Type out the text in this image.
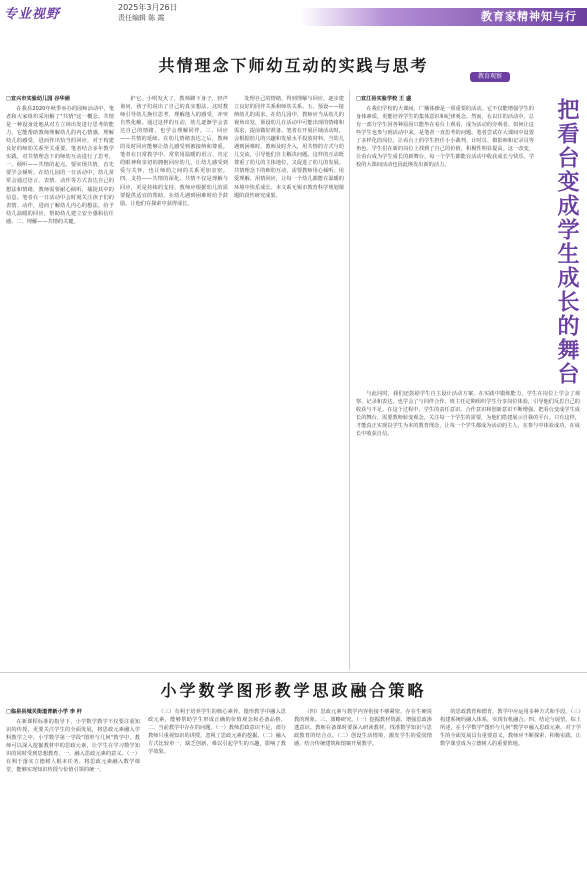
专业视野	2025年3月26日
责任编辑 陈 霞	教育家精神知与行
共情理念下师幼互动的实践与思考
教育观察
□宜兴市实验幼儿园 谷华娟

在我县2020年秋季举办的园师活动中，笔者和大家组织采用解了"共情"这一概念。共情是一种设身处地从对方立场出发进行思考的能力，它能帮助教师理解幼儿的内心情感，理解幼儿的感受，进而作出恰当的回应，对于构建良好的师幼关系至关重要。笔者结合多年教学实践，对共情理念下的师幼互动进行了思考。一、倾听——共情的起点。要实现共情，首先要学会倾听。在幼儿园的一日活动中，幼儿常常会通过语言、表情、动作等方式表达自己的想法和情绪，教师需要耐心倾听，捕捉其中的信息。笔者在一日活动中会时刻关注孩子们的表情、动作，进而了解幼儿内心的想法，给予幼儿温暖的回应，帮助幼儿建立安全感和信任感。二、理解——共情的关键。

护它，小明发火了，教师蹲下身子，轻声询问，孩子们说出了自己的真实想法。这时教师引导幼儿换位思考，理解他人的感受，冲突自然化解。通过这样的互动，幼儿逐渐学会表达自己的情绪，也学会理解同伴。三、回应——共情的延续。在幼儿情绪表达之后，教师的及时回应能够让幼儿感受到被接纳和尊重。笔者在日常教学中，常常用温暖的语言、肯定的眼神和亲切的拥抱回应幼儿，让幼儿感受到爱与关怀，也让师幼之间的关系更加亲密。四、支持——共情的深化。共情不仅是理解与回应，更是持续的支持。教师应根据幼儿的需要提供适宜的帮助，在幼儿遇到困难时给予鼓励，让他们在探索中获得成长。

处理自己的情绪，得到理解与回应，逐步建立良好的同伴关系和师幼关系。五、预设——接纳幼儿的需求。在幼儿园中，教师应当从幼儿的视角出发，预设幼儿在活动中可能出现的情绪和需求，提前做好准备。笔者在开展区域活动时，会根据幼儿的兴趣和发展水平投放材料，当幼儿遇到困难时，教师及时介入，用共情的方式与幼儿交流，引导他们自主解决问题。这样的互动既尊重了幼儿的主体地位，又促进了幼儿的发展。共情理念下的师幼互动，需要教师用心倾听、用爱理解、用情回应，让每一个幼儿都能在温暖的环境中快乐成长。本文系无锡市教育科学规划课题阶段性研究成果。

□宜江县实验学校 王 盛

在我们学校的大课间，广播体操是一项重要的活动。它不仅能增强学生的身体素质，更能培养学生的集体意识和纪律观念。然而，在以往的活动中，总有一部分学生因各种原因只能坐在看台上观看，成为活动的旁观者。如何让这些学生也参与到活动中来，是笔者一直思考的问题。笔者尝试在大课间中设置了多样化的岗位，让看台上的学生担任小小裁判、计时员、摄影师和记录员等角色。学生们在新的岗位上找到了自己的价值，积极性明显提高。这一改变，让看台成为学生成长的新舞台，每一个学生都能在活动中收获成长与快乐，学校的大课间活动也因此焕发出新的活力。	把看台变成学生成长的舞台

与此同时，我们还鼓励学生自主设计活动方案，在实践中锻炼能力。学生在岗位上学会了观察、记录和表达，也学会了与同伴合作。班主任定期组织学生分享岗位体验，引导他们反思自己的收获与不足。在这个过程中，学生的责任意识、合作意识和创新意识不断增强。把看台变成学生成长的舞台，需要教师转变观念，关注每一个学生的需要，为他们搭建展示自我的平台。只有这样，才能真正实现以学生为本的教育理念，让每一个学生都成为活动的主人，在参与中体验成功，在成长中收获自信。

小学数学图形教学思政融合策略
□临泉县城关街道青新小学 李 杆

在新课程标准的指导下，小学数学教学不仅要注重知识的传授，更要关注学生的全面发展，将思政元素融入学科教学之中。小学数学第一学段"图形与几何"教学中，教师可以深入挖掘教材中的思政元素，让学生在学习数学知识的同时受到思想教育。一、融入思政元素的意义。（一）有利于落实立德树人根本任务。将思政元素融入数学课堂，能够实现知识传授与价值引领的统一。

（三）有利于培养学生的核心素养。图形教学中融入思政元素，能够帮助学生形成正确的价值观念和必备品格。二、当前教学中存在的问题。（一）教师思政意识不足，部分教师只重视知识的讲授，忽视了思政元素的挖掘。（二）融入方式比较单一，缺乏创新，难以引起学生的兴趣，影响了教学效果。

（四）思政元素与教学内容衔接不够紧密，存在生硬说教的现象。三、策略研究。（一）挖掘教材资源，增强思政渗透意识。教师在备课时要深入研读教材，找准数学知识与思政教育的结合点。（二）创设生活情境，激发学生的爱国情感，结合传统建筑和图案开展教学。

的思政教育和德育，教学中应运用多种方式和手段。（三）构建系统的融入体系，实现有机融合。四、结论与展望。综上所述，在小学数学"图形与几何"教学中融入思政元素，对于学生的全面发展具有重要意义，教师应不断探索，积极实践，让数学课堂成为立德树人的重要阵地。
